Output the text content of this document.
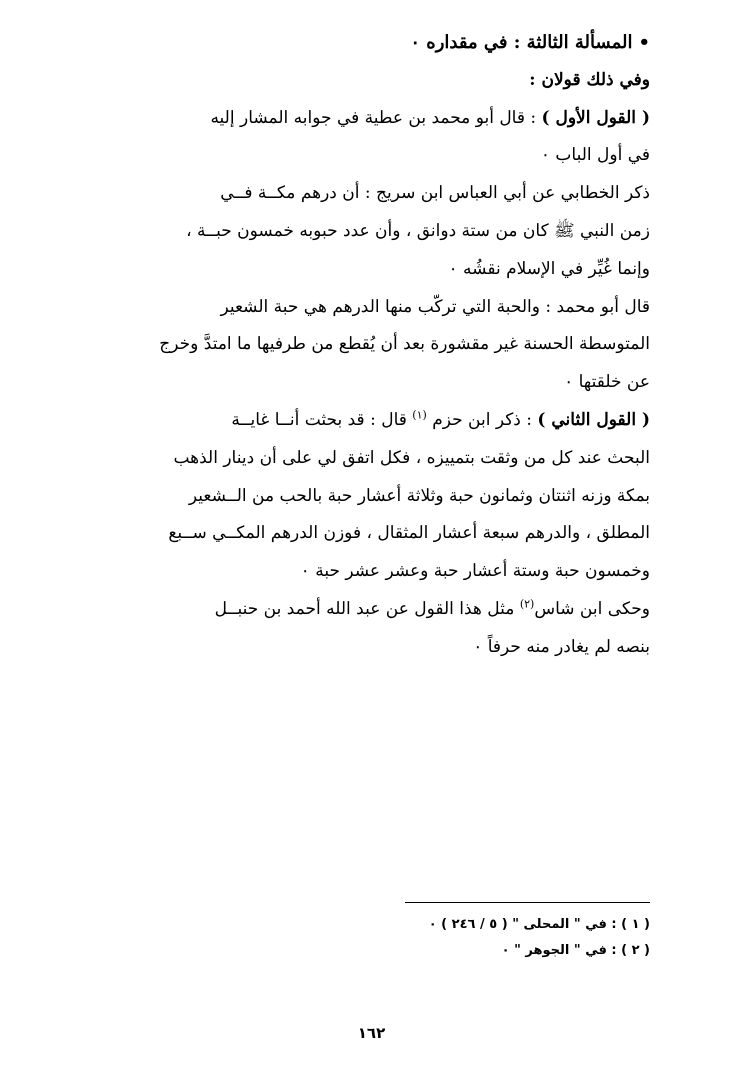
•المسألة الثالثة : في مقداره ٠
وفي ذلك قولان :
( القول الأول ) : قال أبو محمد بن عطية في جوابه المشار إليه
في أول الباب ٠
ذكر الخطابي عن أبي العباس ابن سريج : أن درهم مكــة فــي
زمن النبي ﷺ كان من ستة دوانق ، وأن عدد حبوبه خمسون حبــة ،
وإنما غُيِّر في الإسلام نقشُه ٠
قال أبو محمد : والحبة التي تركّب منها الدرهم هي حبة الشعير
المتوسطة الحسنة غير مقشورة بعد أن يُقطع من طرفيها ما امتدَّ وخرج
عن خلقتها ٠
( القول الثاني ) : ذكر ابن حزم $^{(١)}$ قال : قد بحثت أنــا غايــة
البحث عند كل من وثقت بتمييزه ، فكل اتفق لي على أن دينار الذهب
بمكة وزنه اثنتان وثمانون حبة وثلاثة أعشار حبة بالحب من الــشعير
المطلق ، والدرهم سبعة أعشار المثقال ، فوزن الدرهم المكــي ســبع
وخمسون حبة وستة أعشار حبة وعشر عشر حبة ٠
وحكى ابن شاس$^{(٢)}$ مثل هذا القول عن عبد الله أحمد بن حنبــل
بنصه لم يغادر منه حرفاً ٠
( ١ ) : في " المحلى " ( ٥ / ٢٤٦ ) ٠
( ٢ ) : في " الجوهر " ٠
١٦٢
